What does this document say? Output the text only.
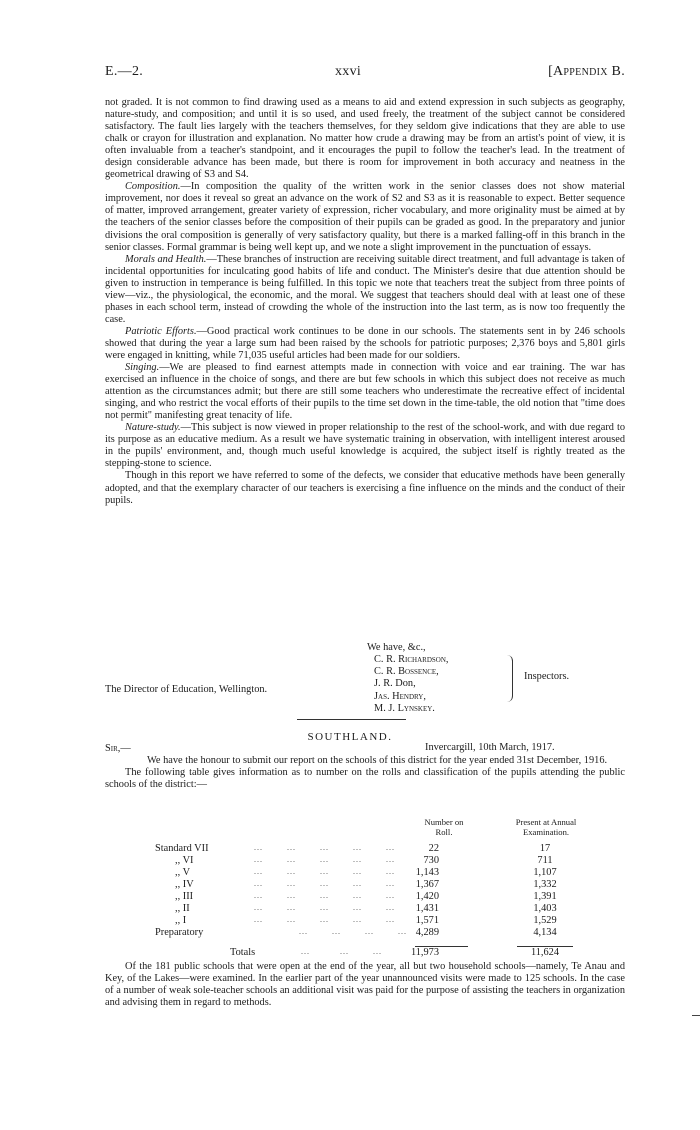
E.—2.	xxvi	[Appendix B.

not graded. It is not common to find drawing used as a means to aid and extend expression in such subjects as geography, nature-study, and composition; and until it is so used, and used freely, the treatment of the subject cannot be considered satisfactory. The fault lies largely with the teachers themselves, for they seldom give indications that they are able to use chalk or crayon for illustration and explanation. No matter how crude a drawing may be from an artist's point of view, it is often invaluable from a teacher's standpoint, and it encourages the pupil to follow the teacher's lead. In the treatment of design considerable advance has been made, but there is room for improvement in both accuracy and neatness in the geometrical drawing of S3 and S4.

Composition.—In composition the quality of the written work in the senior classes does not show material improvement, nor does it reveal so great an advance on the work of S2 and S3 as it is reasonable to expect. Better sequence of matter, improved arrangement, greater variety of expression, richer vocabulary, and more originality must be aimed at by the teachers of the senior classes before the composition of their pupils can be graded as good. In the preparatory and junior divisions the oral composition is generally of very satisfactory quality, but there is a marked falling-off in this branch in the senior classes. Formal grammar is being well kept up, and we note a slight improvement in the punctuation of essays.

Morals and Health.—These branches of instruction are receiving suitable direct treatment, and full advantage is taken of incidental opportunities for inculcating good habits of life and conduct. The Minister's desire that due attention should be given to instruction in temperance is being fulfilled. In this topic we note that teachers treat the subject from three points of view—viz., the physiological, the economic, and the moral. We suggest that teachers should deal with at least one of these phases in each school term, instead of crowding the whole of the instruction into the last term, as is now too frequently the case.

Patriotic Efforts.—Good practical work continues to be done in our schools. The statements sent in by 246 schools showed that during the year a large sum had been raised by the schools for patriotic purposes; 2,376 boys and 5,801 girls were engaged in knitting, while 71,035 useful articles had been made for our soldiers.

Singing.—We are pleased to find earnest attempts made in connection with voice and ear training. The war has exercised an influence in the choice of songs, and there are but few schools in which this subject does not receive as much attention as the circumstances admit; but there are still some teachers who underestimate the recreative effect of incidental singing, and who restrict the vocal efforts of their pupils to the time set down in the time-table, the old notion that "time does not permit" manifesting great tenacity of life.

Nature-study.—This subject is now viewed in proper relationship to the rest of the school-work, and with due regard to its purpose as an educative medium. As a result we have systematic training in observation, with intelligent interest aroused in the pupils' environment, and, though much useful knowledge is acquired, the subject itself is rightly treated as the stepping-stone to science.

Though in this report we have referred to some of the defects, we consider that educative methods have been generally adopted, and that the exemplary character of our teachers is exercising a fine influence on the minds and the conduct of their pupils.

We have, &c.,
C. R. Richardson,
C. R. Bossence,
J. R. Don,
Jas. Hendry,
M. J. Lynskey.
Inspectors.
The Director of Education, Wellington.
SOUTHLAND.
Sir,—	Invercargill, 10th March, 1917.

We have the honour to submit our report on the schools of this district for the year ended 31st December, 1916.

The following table gives information as to number on the rolls and classification of the pupils attending the public schools of the district:—

Number on Roll.
Present at Annual Examination.
Standard VII	...        ...        ...        ...        ...	22	17
,, VI	...        ...        ...        ...        ...	730	711
,, V	...        ...        ...        ...        ... 1,143	1,107
,, IV	...        ...        ...        ...        ... 1,367	1,332
,, III	...        ...        ...        ...        ... 1,420	1,391
,, II	...        ...        ...        ...        ... 1,431	1,403
,, I	...        ...        ...        ...        ... 1,571	1,529
Preparatory	...        ...        ...        ... 4,289	4,134
Totals	...          ...        ...	11,973	11,624

Of the 181 public schools that were open at the end of the year, all but two household schools—namely, Te Anau and Key, of the Lakes—were examined. In the earlier part of the year unannounced visits were made to 125 schools. In the case of a number of weak sole-teacher schools an additional visit was paid for the purpose of assisting the teachers in organization and advising them in regard to methods.
